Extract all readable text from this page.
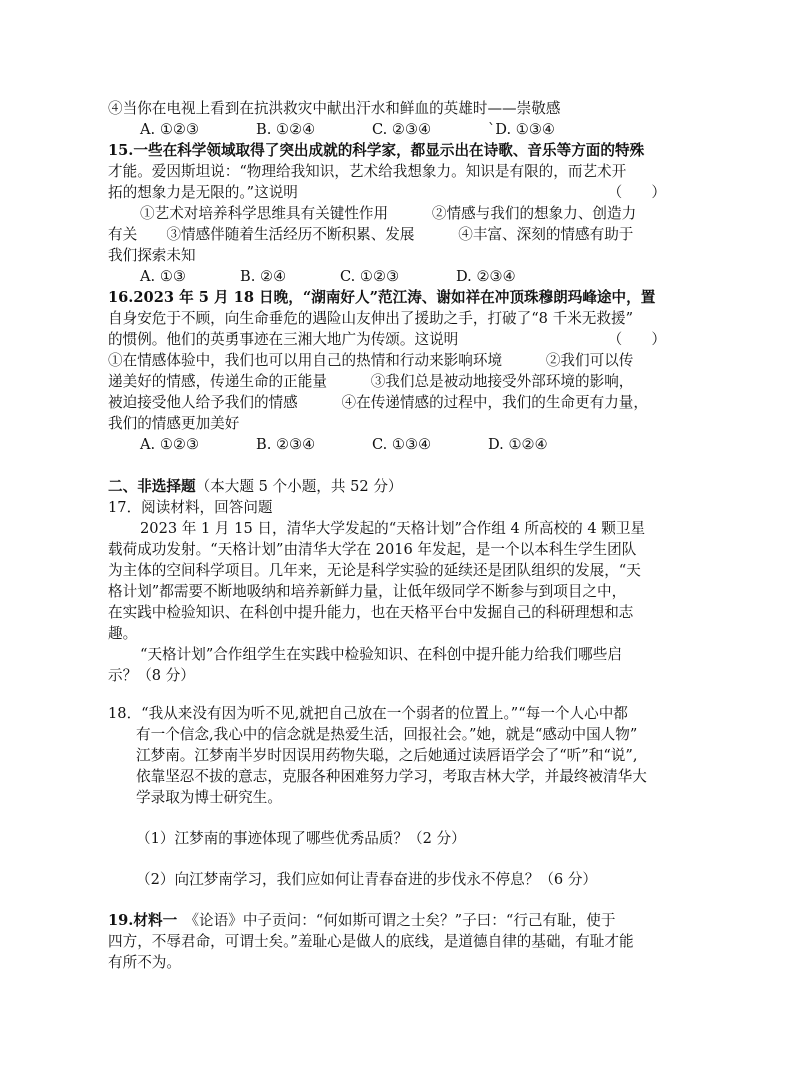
④当你在电视上看到在抗洪救灾中献出汗水和鲜血的英雄时——崇敬感
A. ①②③	B. ①②④	C. ②③④	`D. ①③④
15.一些在科学领域取得了突出成就的科学家，都显示出在诗歌、音乐等方面的特殊
才能。爱因斯坦说：“物理给我知识，艺术给我想象力。知识是有限的，而艺术开
拓的想象力是无限的。”这说明	（　　）
①艺术对培养科学思维具有关键性作用　　　②情感与我们的想象力、创造力
有关　　③情感伴随着生活经历不断积累、发展　　　④丰富、深刻的情感有助于
我们探索未知
A. ①③	B. ②④	C. ①②③	D. ②③④
16.2023 年 5 月 18 日晚，“湖南好人”范江涛、谢如祥在冲顶珠穆朗玛峰途中，置
自身安危于不顾，向生命垂危的遇险山友伸出了援助之手，打破了“8 千米无救援”
的惯例。他们的英勇事迹在三湘大地广为传颂。这说明	（　　）
①在情感体验中，我们也可以用自己的热情和行动来影响环境　　　②我们可以传
递美好的情感，传递生命的正能量　　　③我们总是被动地接受外部环境的影响，
被迫接受他人给予我们的情感　　　④在传递情感的过程中，我们的生命更有力量，
我们的情感更加美好
A. ①②③	B. ②③④	C. ①③④	D. ①②④
二、非选择题（本大题 5 个小题，共 52 分）
17．阅读材料，回答问题
2023 年 1 月 15 日，清华大学发起的“天格计划”合作组 4 所高校的 4 颗卫星
载荷成功发射。“天格计划”由清华大学在 2016 年发起，是一个以本科生学生团队
为主体的空间科学项目。几年来，无论是科学实验的延续还是团队组织的发展，“天
格计划”都需要不断地吸纳和培养新鲜力量，让低年级同学不断参与到项目之中，
在实践中检验知识、在科创中提升能力，也在天格平台中发掘自己的科研理想和志
趣。
“天格计划”合作组学生在实践中检验知识、在科创中提升能力给我们哪些启
示？（8 分）
18．“我从来没有因为听不见,就把自己放在一个弱者的位置上。”“每一个人心中都
有一个信念,我心中的信念就是热爱生活，回报社会。”她，就是“感动中国人物”
江梦南。江梦南半岁时因误用药物失聪，之后她通过读唇语学会了“听”和“说”,
依靠坚忍不拔的意志，克服各种困难努力学习，考取吉林大学，并最终被清华大
学录取为博士研究生。
（1）江梦南的事迹体现了哪些优秀品质？（2 分）
（2）向江梦南学习，我们应如何让青春奋进的步伐永不停息？（6 分）
19.材料一　《论语》中子贡问：“何如斯可谓之士矣？”子曰：“行己有耻，使于
四方，不辱君命，可谓士矣。”羞耻心是做人的底线，是道德自律的基础，有耻才能
有所不为。
